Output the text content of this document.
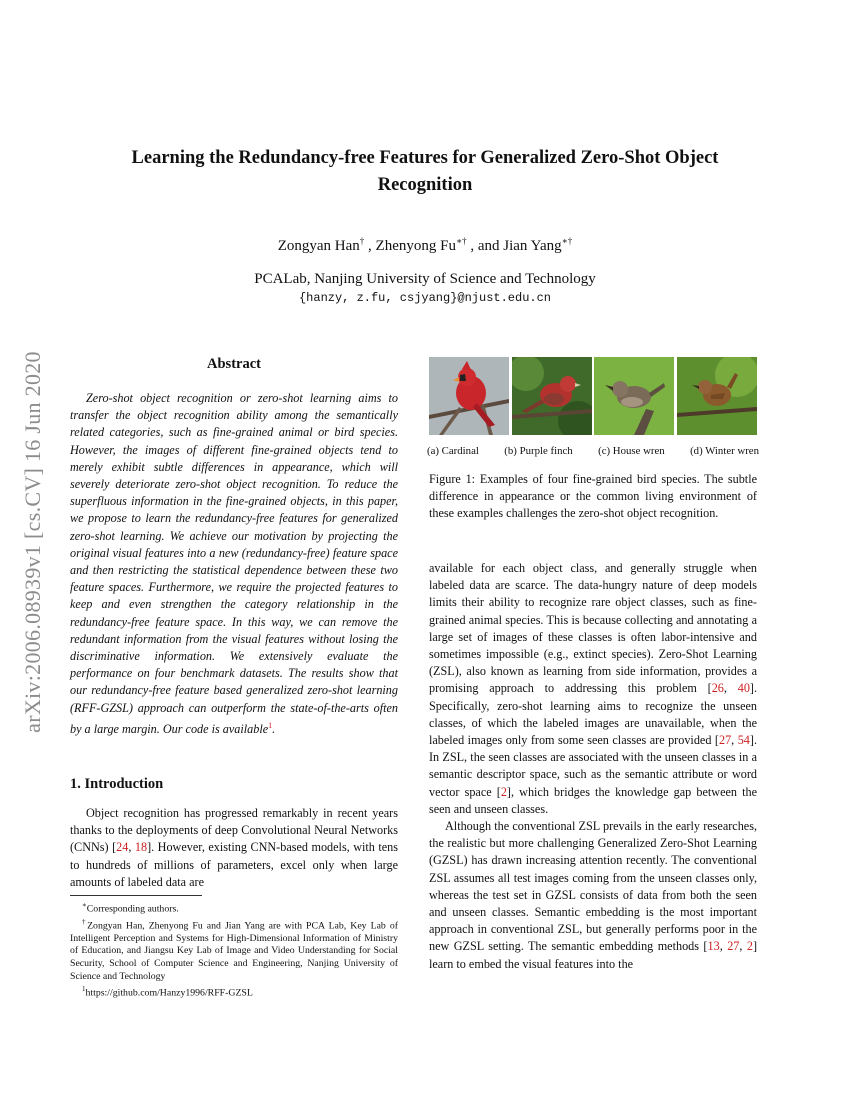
arXiv:2006.08939v1 [cs.CV] 16 Jun 2020
Learning the Redundancy-free Features for Generalized Zero-Shot Object Recognition
Zongyan Han† , Zhenyong Fu∗† , and Jian Yang∗†
PCALab, Nanjing University of Science and Technology
{hanzy, z.fu, csjyang}@njust.edu.cn
Abstract
Zero-shot object recognition or zero-shot learning aims to transfer the object recognition ability among the semantically related categories, such as fine-grained animal or bird species. However, the images of different fine-grained objects tend to merely exhibit subtle differences in appearance, which will severely deteriorate zero-shot object recognition. To reduce the superfluous information in the fine-grained objects, in this paper, we propose to learn the redundancy-free features for generalized zero-shot learning. We achieve our motivation by projecting the original visual features into a new (redundancy-free) feature space and then restricting the statistical dependence between these two feature spaces. Furthermore, we require the projected features to keep and even strengthen the category relationship in the redundancy-free feature space. In this way, we can remove the redundant information from the visual features without losing the discriminative information. We extensively evaluate the performance on four benchmark datasets. The results show that our redundancy-free feature based generalized zero-shot learning (RFF-GZSL) approach can outperform the state-of-the-arts often by a large margin. Our code is available$^1$.
1. Introduction
Object recognition has progressed remarkably in recent years thanks to the deployments of deep Convolutional Neural Networks (CNNs) [24, 18]. However, existing CNN-based models, with tens to hundreds of millions of parameters, excel only when large amounts of labeled data are

∗Corresponding authors.

†Zongyan Han, Zhenyong Fu and Jian Yang are with PCA Lab, Key Lab of Intelligent Perception and Systems for High-Dimensional Information of Ministry of Education, and Jiangsu Key Lab of Image and Video Understanding for Social Security, School of Computer Science and Engineering, Nanjing University of Science and Technology

$^1$https://github.com/Hanzy1996/RFF-GZSL

(a) Cardinal (b) Purple finch (c) House wren (d) Winter wren
Figure 1: Examples of four fine-grained bird species. The subtle difference in appearance or the common living environment of these examples challenges the zero-shot object recognition.

available for each object class, and generally struggle when labeled data are scarce. The data-hungry nature of deep models limits their ability to recognize rare object classes, such as fine-grained animal species. This is because collecting and annotating a large set of images of these classes is often labor-intensive and sometimes impossible (e.g., extinct species). Zero-Shot Learning (ZSL), also known as learning from side information, provides a promising approach to addressing this problem [26, 40]. Specifically, zero-shot learning aims to recognize the unseen classes, of which the labeled images are unavailable, when the labeled images only from some seen classes are provided [27, 54]. In ZSL, the seen classes are associated with the unseen classes in a semantic descriptor space, such as the semantic attribute or word vector space [2], which bridges the knowledge gap between the seen and unseen classes.

Although the conventional ZSL prevails in the early researches, the realistic but more challenging Generalized Zero-Shot Learning (GZSL) has drawn increasing attention recently. The conventional ZSL assumes all test images coming from the unseen classes only, whereas the test set in GZSL consists of data from both the seen and unseen classes. Semantic embedding is the most important approach in conventional ZSL, but generally performs poor in the new GZSL setting. The semantic embedding methods [13, 27, 2] learn to embed the visual features into the
